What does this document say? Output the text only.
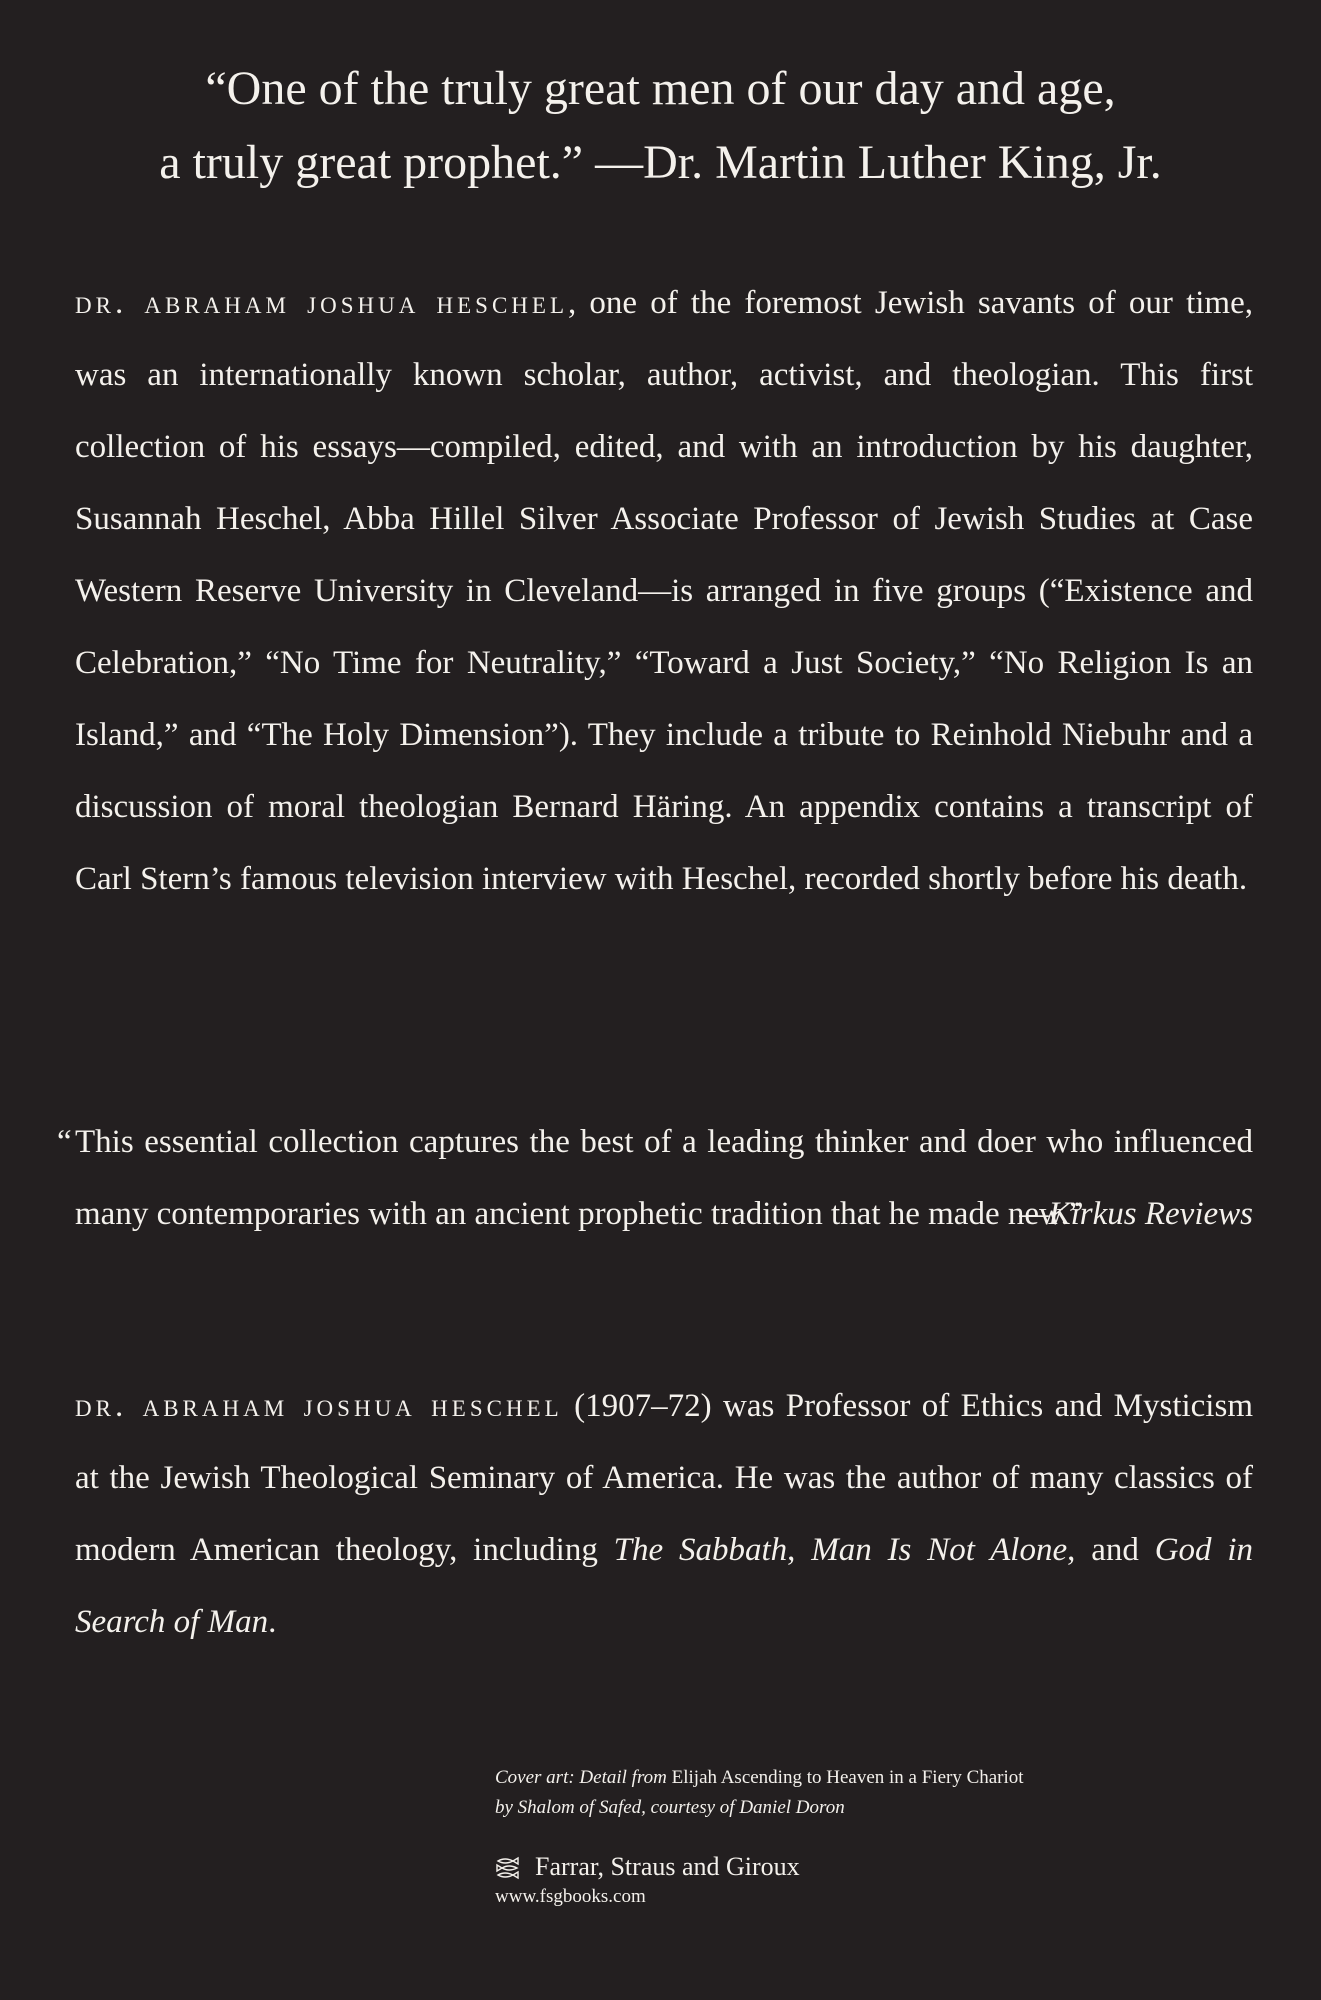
“One of the truly great men of our day and age,
a truly great prophet.” —Dr. Martin Luther King, Jr.
dr. abraham joshua heschel, one of the foremost Jewish savants of our time, was an internationally known scholar, author, activist, and theologian. This first collection of his essays—compiled, edited, and with an introduction by his daughter, Susannah Heschel, Abba Hillel Silver Associate Professor of Jewish Studies at Case Western Reserve University in Cleveland—is arranged in five groups (“Existence and Celebration,” “No Time for Neutrality,” “Toward a Just Society,” “No Religion Is an Island,” and “The Holy Dimension”). They include a tribute to Reinhold Niebuhr and a discussion of moral theologian Bernard Häring. An appendix contains a transcript of Carl Stern’s famous television interview with Heschel, recorded shortly before his death.
“ This essential collection captures the best of a leading thinker and doer who influenced many contemporaries with an ancient prophetic tradition that he made new.”
—Kirkus Reviews
dr. abraham joshua heschel (1907–72) was Professor of Ethics and Mysticism at the Jewish Theological Seminary of America. He was the author of many classics of modern American theology, including The Sabbath, Man Is Not Alone, and God in Search of Man.
Cover art: Detail from Elijah Ascending to Heaven in a Fiery Chariot
by Shalom of Safed, courtesy of Daniel Doron
Farrar, Straus and Giroux
www.fsgbooks.com
